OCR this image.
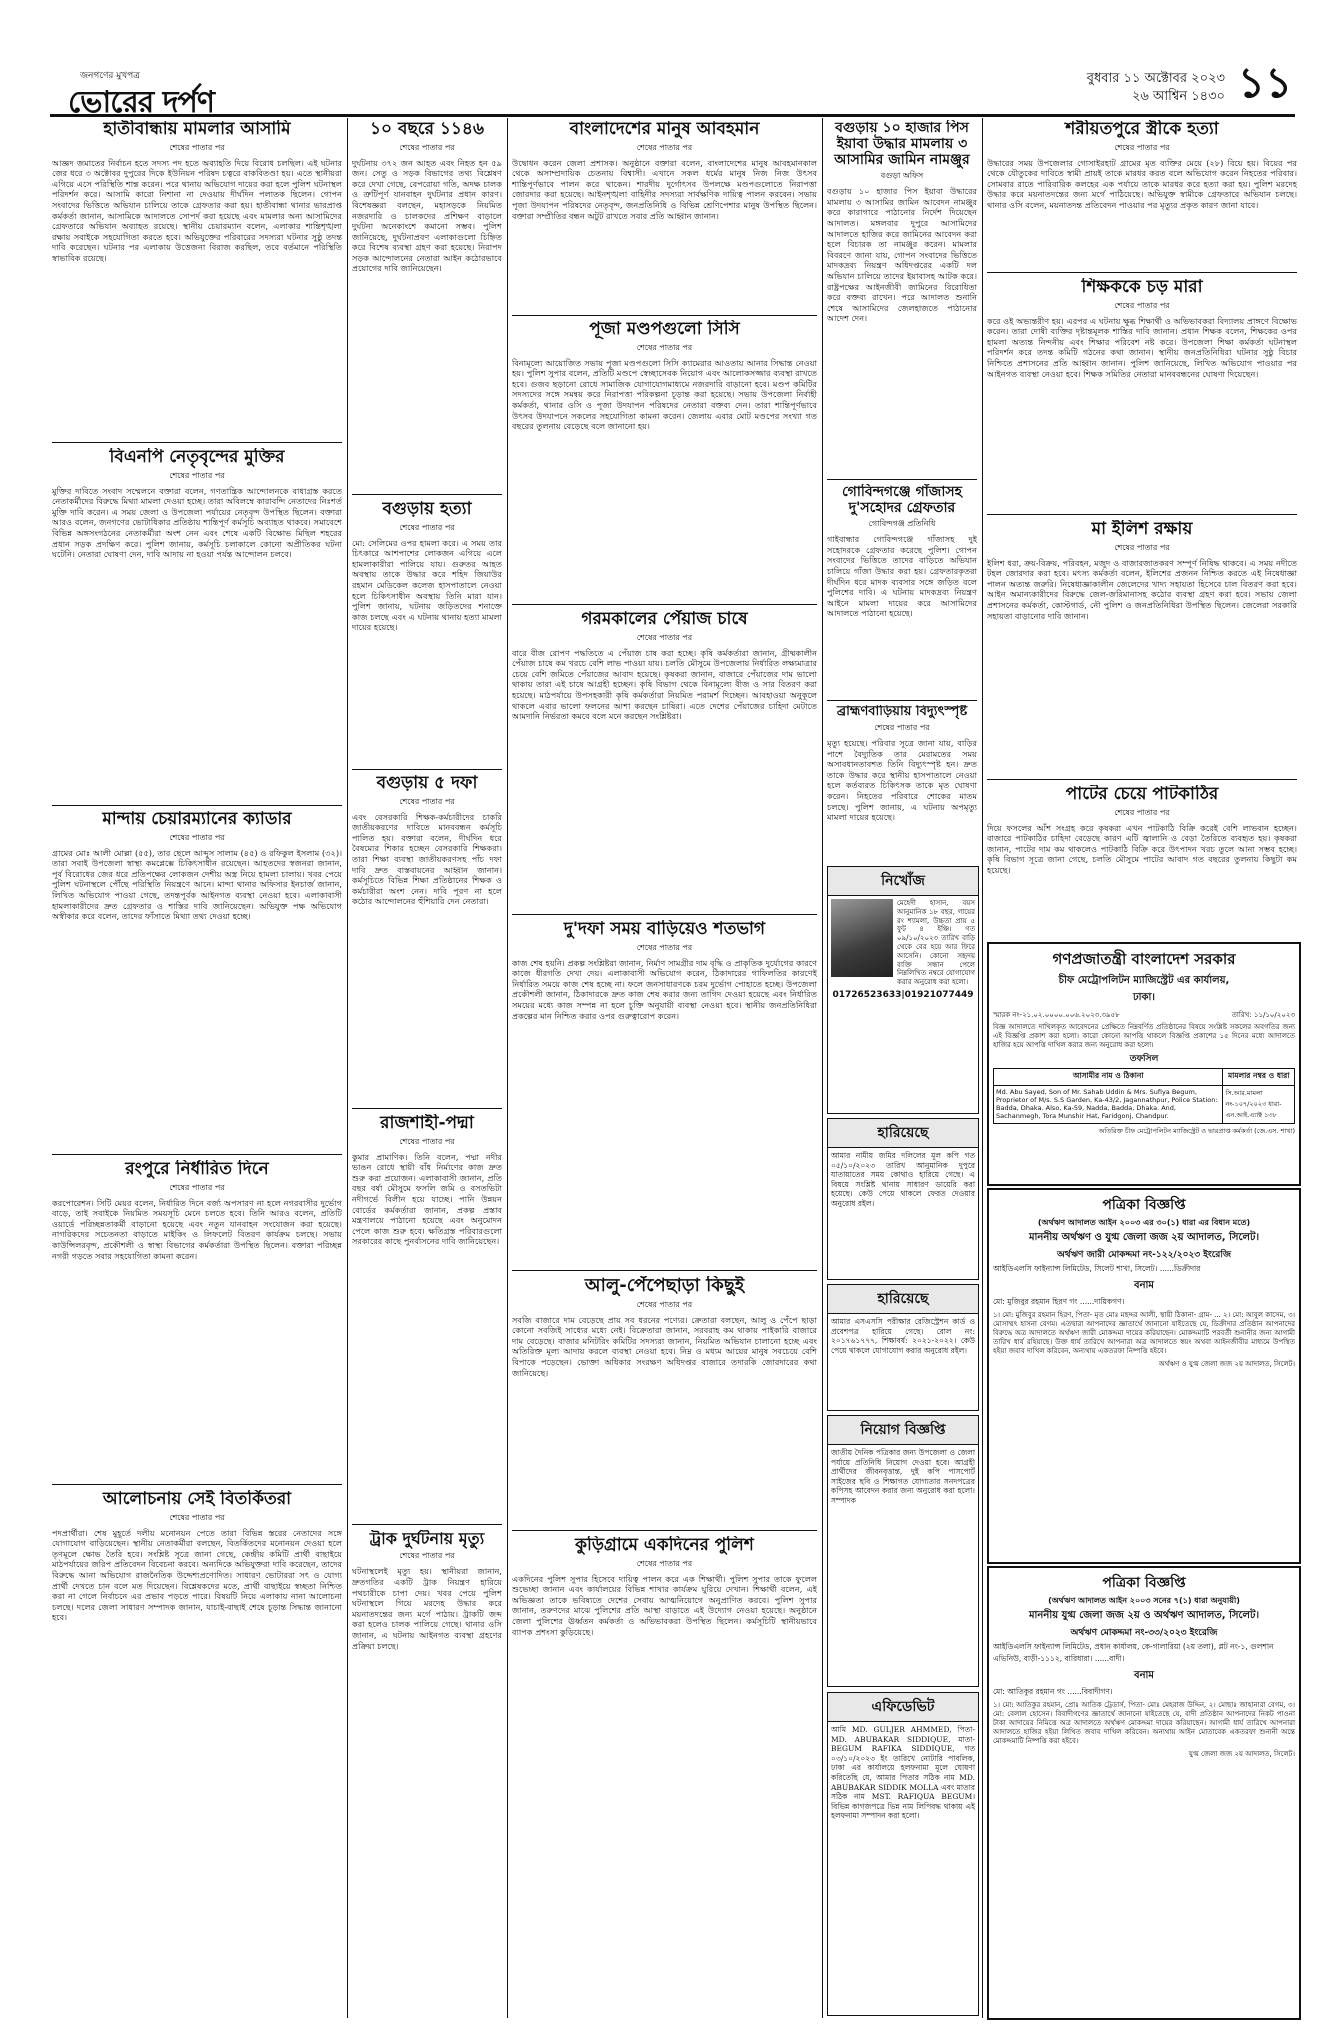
জনগণের মুখপত্র
ভোরের দর্পণ
বুধবার ১১ অক্টোবর ২০২৩
২৬ আশ্বিন ১৪৩০ ১১
হাতীবান্ধায় মামলার আসামি
শেষের পাতার পর

আজ্ঞদ জমাতের নির্বাচন হতে সদস্য পদ হতে অব্যাহতি দিয়ে বিরোধ চলছিল। এই ঘটনার জের ধরে ৩ অক্টোবর দুপুরের দিকে ইউনিয়ন পরিষদ চত্বরে বাকবিতণ্ডা হয়। এতে স্থানীয়রা এগিয়ে এসে পরিস্থিতি শান্ত করেন। পরে থানায় অভিযোগ দায়ের করা হলে পুলিশ ঘটনাস্থল পরিদর্শন করে। আসামি কারো নিশানা না দেওয়ায় দীর্ঘদিন পলাতক ছিলেন। গোপন সংবাদের ভিত্তিতে অভিযান চালিয়ে তাকে গ্রেফতার করা হয়। হাতীবান্ধা থানার ভারপ্রাপ্ত কর্মকর্তা জানান, আসামিকে আদালতে সোপর্দ করা হয়েছে এবং মামলার অন্য আসামিদের গ্রেফতারে অভিযান অব্যাহত রয়েছে। স্থানীয় চেয়ারম্যান বলেন, এলাকার শান্তিশৃঙ্খলা রক্ষায় সবাইকে সহযোগিতা করতে হবে। অভিযুক্তের পরিবারের সদস্যরা ঘটনার সুষ্ঠু তদন্ত দাবি করেছেন। ঘটনার পর এলাকায় উত্তেজনা বিরাজ করছিল, তবে বর্তমানে পরিস্থিতি স্বাভাবিক রয়েছে।

বিএনপি নেতৃবৃন্দের মুক্তির
শেষের পাতার পর

মুক্তির দাবিতে সংবাদ সম্মেলনে বক্তারা বলেন, গণতান্ত্রিক আন্দোলনকে বাধাগ্রস্ত করতে নেতাকর্মীদের বিরুদ্ধে মিথ্যা মামলা দেওয়া হচ্ছে। তারা অবিলম্বে কারাবন্দি নেতাদের নিঃশর্ত মুক্তি দাবি করেন। এ সময় জেলা ও উপজেলা পর্যায়ের নেতৃবৃন্দ উপস্থিত ছিলেন। বক্তারা আরও বলেন, জনগণের ভোটাধিকার প্রতিষ্ঠায় শান্তিপূর্ণ কর্মসূচি অব্যাহত থাকবে। সমাবেশে বিভিন্ন অঙ্গসংগঠনের নেতাকর্মীরা অংশ নেন এবং শেষে একটি বিক্ষোভ মিছিল শহরের প্রধান সড়ক প্রদক্ষিণ করে। পুলিশ জানায়, কর্মসূচি চলাকালে কোনো অপ্রীতিকর ঘটনা ঘটেনি। নেতারা ঘোষণা দেন, দাবি আদায় না হওয়া পর্যন্ত আন্দোলন চলবে।

মান্দায় চেয়ারম্যানের ক্যাডার
শেষের পাতার পর

গ্রামের মোঃ আলী মোল্লা (৫৫), তার ছেলে আব্দুস সালাম (৪৫) ও রফিকুল ইসলাম (৩২)। তারা সবাই উপজেলা স্বাস্থ্য কমপ্লেক্সে চিকিৎসাধীন রয়েছেন। আহতদের স্বজনরা জানান, পূর্ব বিরোধের জের ধরে প্রতিপক্ষের লোকজন দেশীয় অস্ত্র নিয়ে হামলা চালায়। খবর পেয়ে পুলিশ ঘটনাস্থলে পৌঁছে পরিস্থিতি নিয়ন্ত্রণে আনে। মান্দা থানার অফিসার ইনচার্জ জানান, লিখিত অভিযোগ পাওয়া গেছে, তদন্তপূর্বক আইনগত ব্যবস্থা নেওয়া হবে। এলাকাবাসী হামলাকারীদের দ্রুত গ্রেফতার ও শাস্তির দাবি জানিয়েছেন। অভিযুক্ত পক্ষ অভিযোগ অস্বীকার করে বলেন, তাদের ফাঁসাতে মিথ্যা তথ্য দেওয়া হচ্ছে।

রংপুরে নির্ধারিত দিনে
শেষের পাতার পর

করপোরেশন। সিটি মেয়র বলেন, নির্ধারিত দিনে বর্জ্য অপসারণ না হলে নগরবাসীর দুর্ভোগ বাড়ে, তাই সবাইকে নিয়মিত সময়সূচি মেনে চলতে হবে। তিনি আরও বলেন, প্রতিটি ওয়ার্ডে পরিচ্ছন্নতাকর্মী বাড়ানো হয়েছে এবং নতুন যানবাহন সংযোজন করা হয়েছে। নাগরিকদের সচেতনতা বাড়াতে মাইকিং ও লিফলেট বিতরণ কার্যক্রম চলছে। সভায় কাউন্সিলরবৃন্দ, প্রকৌশলী ও স্বাস্থ্য বিভাগের কর্মকর্তারা উপস্থিত ছিলেন। বক্তারা পরিচ্ছন্ন নগরী গড়তে সবার সহযোগিতা কামনা করেন।

আলোচনায় সেই বিতর্কিতরা
শেষের পাতার পর

পদপ্রার্থীরা। শেষ মুহূর্তে দলীয় মনোনয়ন পেতে তারা বিভিন্ন স্তরের নেতাদের সঙ্গে যোগাযোগ বাড়িয়েছেন। স্থানীয় নেতাকর্মীরা বলছেন, বিতর্কিতদের মনোনয়ন দেওয়া হলে তৃণমূলে ক্ষোভ তৈরি হবে। সংশ্লিষ্ট সূত্রে জানা গেছে, কেন্দ্রীয় কমিটি প্রার্থী বাছাইয়ে মাঠপর্যায়ের জরিপ প্রতিবেদন বিবেচনা করবে। অন্যদিকে অভিযুক্তরা দাবি করেছেন, তাদের বিরুদ্ধে আনা অভিযোগ রাজনৈতিক উদ্দেশ্যপ্রণোদিত। সাধারণ ভোটাররা সৎ ও যোগ্য প্রার্থী দেখতে চান বলে মত দিয়েছেন। বিশ্লেষকদের মতে, প্রার্থী বাছাইয়ে স্বচ্ছতা নিশ্চিত করা না গেলে নির্বাচনে এর প্রভাব পড়তে পারে। বিষয়টি নিয়ে এলাকায় নানা আলোচনা চলছে। দলের জেলা সাধারণ সম্পাদক জানান, যাচাই-বাছাই শেষে চূড়ান্ত সিদ্ধান্ত জানানো হবে।

১০ বছরে ১১৪৬
শেষের পাতার পর

দুর্ঘটনায় ৩৭২ জন আহত এবং নিহত হন ৫৯ জন। সেতু ও সড়ক বিভাগের তথ্য বিশ্লেষণ করে দেখা গেছে, বেপরোয়া গতি, অদক্ষ চালক ও ত্রুটিপূর্ণ যানবাহন দুর্ঘটনার প্রধান কারণ। বিশেষজ্ঞরা বলছেন, মহাসড়কে নিয়মিত নজরদারি ও চালকদের প্রশিক্ষণ বাড়ালে দুর্ঘটনা অনেকাংশে কমানো সম্ভব। পুলিশ জানিয়েছে, দুর্ঘটনাপ্রবণ এলাকাগুলো চিহ্নিত করে বিশেষ ব্যবস্থা গ্রহণ করা হয়েছে। নিরাপদ সড়ক আন্দোলনের নেতারা আইন কঠোরভাবে প্রয়োগের দাবি জানিয়েছেন।

বগুড়ায় হত্যা
শেষের পাতার পর

মো: সেলিমের ওপর হামলা করে। এ সময় তার চিৎকারে আশপাশের লোকজন এগিয়ে এলে হামলাকারীরা পালিয়ে যায়। গুরুতর আহত অবস্থায় তাকে উদ্ধার করে শহিদ জিয়াউর রহমান মেডিকেল কলেজ হাসপাতালে নেওয়া হলে চিকিৎসাধীন অবস্থায় তিনি মারা যান। পুলিশ জানায়, ঘটনায় জড়িতদের শনাক্তে কাজ চলছে এবং এ ঘটনায় থানায় হত্যা মামলা দায়ের হয়েছে।

বগুড়ায় ৫ দফা
শেষের পাতার পর

এবং বেসরকারি শিক্ষক-কর্মচারীদের চাকরি জাতীয়করণের দাবিতে মানববন্ধন কর্মসূচি পালিত হয়। বক্তারা বলেন, দীর্ঘদিন ধরে বৈষম্যের শিকার হচ্ছেন বেসরকারি শিক্ষকরা। তারা শিক্ষা ব্যবস্থা জাতীয়করণসহ পাঁচ দফা দাবি দ্রুত বাস্তবায়নের আহ্বান জানান। কর্মসূচিতে বিভিন্ন শিক্ষা প্রতিষ্ঠানের শিক্ষক ও কর্মচারীরা অংশ নেন। দাবি পূরণ না হলে কঠোর আন্দোলনের হুঁশিয়ারি দেন নেতারা।

রাজশাহী-পদ্মা
শেষের পাতার পর

কুমার প্রামাণিক। তিনি বলেন, পদ্মা নদীর ভাঙন রোধে স্থায়ী বাঁধ নির্মাণের কাজ দ্রুত শুরু করা প্রয়োজন। এলাকাবাসী জানান, প্রতি বছর বর্ষা মৌসুমে ফসলি জমি ও বসতভিটা নদীগর্ভে বিলীন হয়ে যাচ্ছে। পানি উন্নয়ন বোর্ডের কর্মকর্তারা জানান, প্রকল্প প্রস্তাব মন্ত্রণালয়ে পাঠানো হয়েছে এবং অনুমোদন পেলে কাজ শুরু হবে। ক্ষতিগ্রস্ত পরিবারগুলো সরকারের কাছে পুনর্বাসনের দাবি জানিয়েছেন।

ট্রাক দুর্ঘটনায় মৃত্যু
শেষের পাতার পর

ঘটনাস্থলেই মৃত্যু হয়। স্থানীয়রা জানান, দ্রুতগতির একটি ট্রাক নিয়ন্ত্রণ হারিয়ে পথচারীকে চাপা দেয়। খবর পেয়ে পুলিশ ঘটনাস্থলে গিয়ে মরদেহ উদ্ধার করে ময়নাতদন্তের জন্য মর্গে পাঠায়। ট্রাকটি জব্দ করা হলেও চালক পালিয়ে গেছে। থানার ওসি জানান, এ ঘটনায় আইনগত ব্যবস্থা গ্রহণের প্রক্রিয়া চলছে।

বাংলাদেশের মানুষ আবহমান
শেষের পাতার পর

উদ্বোধন করেন জেলা প্রশাসক। অনুষ্ঠানে বক্তারা বলেন, বাংলাদেশের মানুষ আবহমানকাল থেকে অসাম্প্রদায়িক চেতনায় বিশ্বাসী। এখানে সকল ধর্মের মানুষ নিজ নিজ উৎসব শান্তিপূর্ণভাবে পালন করে থাকেন। শারদীয় দুর্গোৎসব উপলক্ষে মণ্ডপগুলোতে নিরাপত্তা জোরদার করা হয়েছে। আইনশৃঙ্খলা বাহিনীর সদস্যরা সার্বক্ষণিক দায়িত্ব পালন করবেন। সভায় পূজা উদযাপন পরিষদের নেতৃবৃন্দ, জনপ্রতিনিধি ও বিভিন্ন শ্রেণিপেশার মানুষ উপস্থিত ছিলেন। বক্তারা সম্প্রীতির বন্ধন অটুট রাখতে সবার প্রতি আহ্বান জানান।

পূজা মণ্ডপগুলো সিসি
শেষের পাতার পর

বিনামূল্যে আয়োজিত সভায় পূজা মণ্ডপগুলো সিসি ক্যামেরার আওতায় আনার সিদ্ধান্ত নেওয়া হয়। পুলিশ সুপার বলেন, প্রতিটি মণ্ডপে স্বেচ্ছাসেবক নিয়োগ এবং আলোকসজ্জার ব্যবস্থা রাখতে হবে। গুজব ছড়ানো রোধে সামাজিক যোগাযোগমাধ্যমে নজরদারি বাড়ানো হবে। মণ্ডপ কমিটির সদস্যদের সঙ্গে সমন্বয় করে নিরাপত্তা পরিকল্পনা চূড়ান্ত করা হয়েছে। সভায় উপজেলা নির্বাহী কর্মকর্তা, থানার ওসি ও পূজা উদযাপন পরিষদের নেতারা বক্তব্য দেন। তারা শান্তিপূর্ণভাবে উৎসব উদযাপনে সকলের সহযোগিতা কামনা করেন। জেলায় এবার মোট মণ্ডপের সংখ্যা গত বছরের তুলনায় বেড়েছে বলে জানানো হয়।

গরমকালের পেঁয়াজ চাষে
শেষের পাতার পর

বারে বীজ রোপণ পদ্ধতিতে এ পেঁয়াজ চাষ করা হচ্ছে। কৃষি কর্মকর্তারা জানান, গ্রীষ্মকালীন পেঁয়াজ চাষে কম খরচে বেশি লাভ পাওয়া যায়। চলতি মৌসুমে উপজেলায় নির্ধারিত লক্ষ্যমাত্রার চেয়ে বেশি জমিতে পেঁয়াজের আবাদ হয়েছে। কৃষকরা জানান, বাজারে পেঁয়াজের দাম ভালো থাকায় তারা এই চাষে আগ্রহী হচ্ছেন। কৃষি বিভাগ থেকে বিনামূল্যে বীজ ও সার বিতরণ করা হয়েছে। মাঠপর্যায়ে উপসহকারী কৃষি কর্মকর্তারা নিয়মিত পরামর্শ দিচ্ছেন। আবহাওয়া অনুকূলে থাকলে এবার ভালো ফলনের আশা করছেন চাষিরা। এতে দেশের পেঁয়াজের চাহিদা মেটাতে আমদানি নির্ভরতা কমবে বলে মনে করছেন সংশ্লিষ্টরা।

দু'দফা সময় বাড়িয়েও শতভাগ
শেষের পাতার পর

কাজ শেষ হয়নি। প্রকল্প সংশ্লিষ্টরা জানান, নির্মাণ সামগ্রীর দাম বৃদ্ধি ও প্রাকৃতিক দুর্যোগের কারণে কাজে ধীরগতি দেখা দেয়। এলাকাবাসী অভিযোগ করেন, ঠিকাদারের গাফিলতির কারণেই নির্ধারিত সময়ে কাজ শেষ হচ্ছে না। ফলে জনসাধারণকে চরম দুর্ভোগ পোহাতে হচ্ছে। উপজেলা প্রকৌশলী জানান, ঠিকাদারকে দ্রুত কাজ শেষ করার জন্য তাগিদ দেওয়া হয়েছে এবং নির্ধারিত সময়ের মধ্যে কাজ সম্পন্ন না হলে চুক্তি অনুযায়ী ব্যবস্থা নেওয়া হবে। স্থানীয় জনপ্রতিনিধিরা প্রকল্পের মান নিশ্চিত করার ওপর গুরুত্বারোপ করেন।

আলু-পেঁপেছাড়া কিছুই
শেষের পাতার পর

সবজি বাজারে দাম বেড়েছে প্রায় সব ধরনের পণ্যের। ক্রেতারা বলছেন, আলু ও পেঁপে ছাড়া কোনো সবজিই সাধ্যের মধ্যে নেই। বিক্রেতারা জানান, সরবরাহ কম থাকায় পাইকারি বাজারে দাম বেড়েছে। বাজার মনিটরিং কমিটির সদস্যরা জানান, নিয়মিত অভিযান চালানো হচ্ছে এবং অতিরিক্ত মূল্য আদায় করলে ব্যবস্থা নেওয়া হবে। নিম্ন ও মধ্যম আয়ের মানুষ সবচেয়ে বেশি বিপাকে পড়েছেন। ভোক্তা অধিকার সংরক্ষণ অধিদপ্তর বাজারে তদারকি জোরদারের কথা জানিয়েছে।

কুড়িগ্রামে একদিনের পুলিশ
শেষের পাতার পর

একদিনের পুলিশ সুপার হিসেবে দায়িত্ব পালন করে এক শিক্ষার্থী। পুলিশ সুপার তাকে ফুলেল শুভেচ্ছা জানান এবং কার্যালয়ের বিভিন্ন শাখার কার্যক্রম ঘুরিয়ে দেখান। শিক্ষার্থী বলেন, এই অভিজ্ঞতা তাকে ভবিষ্যতে দেশের সেবায় আত্মনিয়োগে অনুপ্রাণিত করবে। পুলিশ সুপার জানান, তরুণদের মাঝে পুলিশের প্রতি আস্থা বাড়াতে এই উদ্যোগ নেওয়া হয়েছে। অনুষ্ঠানে জেলা পুলিশের ঊর্ধ্বতন কর্মকর্তা ও অভিভাবকরা উপস্থিত ছিলেন। কর্মসূচিটি স্থানীয়ভাবে ব্যাপক প্রশংসা কুড়িয়েছে।

বগুড়ায় ১০ হাজার পিস ইয়াবা উদ্ধার মামলায় ৩ আসামির জামিন নামঞ্জুর
বগুড়া অফিস

বগুড়ায় ১০ হাজার পিস ইয়াবা উদ্ধারের মামলায় ৩ আসামির জামিন আবেদন নামঞ্জুর করে কারাগারে পাঠানোর নির্দেশ দিয়েছেন আদালত। মঙ্গলবার দুপুরে আসামিদের আদালতে হাজির করে জামিনের আবেদন করা হলে বিচারক তা নামঞ্জুর করেন। মামলার বিবরণে জানা যায়, গোপন সংবাদের ভিত্তিতে মাদকদ্রব্য নিয়ন্ত্রণ অধিদপ্তরের একটি দল অভিযান চালিয়ে তাদের ইয়াবাসহ আটক করে। রাষ্ট্রপক্ষের আইনজীবী জামিনের বিরোধিতা করে বক্তব্য রাখেন। পরে আদালত শুনানি শেষে আসামিদের জেলহাজতে পাঠানোর আদেশ দেন।

গোবিন্দগঞ্জে গাঁজাসহ দু'সহোদর গ্রেফতার
গোবিন্দগঞ্জ প্রতিনিধি

গাইবান্ধার গোবিন্দগঞ্জে গাঁজাসহ দুই সহোদরকে গ্রেফতার করেছে পুলিশ। গোপন সংবাদের ভিত্তিতে তাদের বাড়িতে অভিযান চালিয়ে গাঁজা উদ্ধার করা হয়। গ্রেফতারকৃতরা দীর্ঘদিন ধরে মাদক ব্যবসার সঙ্গে জড়িত বলে পুলিশের দাবি। এ ঘটনায় মাদকদ্রব্য নিয়ন্ত্রণ আইনে মামলা দায়ের করে আসামিদের আদালতে পাঠানো হয়েছে।

ব্রাহ্মণবাড়িয়ায় বিদ্যুৎস্পৃষ্ট
শেষের পাতার পর

মৃত্যু হয়েছে। পরিবার সূত্রে জানা যায়, বাড়ির পাশে বৈদ্যুতিক তার মেরামতের সময় অসাবধানতাবশত তিনি বিদ্যুৎস্পৃষ্ট হন। দ্রুত তাকে উদ্ধার করে স্থানীয় হাসপাতালে নেওয়া হলে কর্তব্যরত চিকিৎসক তাকে মৃত ঘোষণা করেন। নিহতের পরিবারে শোকের মাতম চলছে। পুলিশ জানায়, এ ঘটনায় অপমৃত্যু মামলা দায়ের হয়েছে।

নিখোঁজ

মেহেদী হাসান, বয়স আনুমানিক ১৮ বছর, গায়ের রং শ্যামলা, উচ্চতা প্রায় ৫ ফুট ৪ ইঞ্চি। গত ০৯/১০/২০২৩ তারিখ বাড়ি থেকে বের হয়ে আর ফিরে আসেনি। কোনো সহৃদয় ব্যক্তি সন্ধান পেলে নিম্নলিখিত নম্বরে যোগাযোগ করার অনুরোধ করা হলো।

01726523633|01921077449
হারিয়েছে

আমার নামীয় জমির দলিলের মূল কপি গত ০৫/১০/২০২৩ তারিখ আনুমানিক দুপুরে যাতায়াতের সময় কোথাও হারিয়ে গেছে। এ বিষয়ে সংশ্লিষ্ট থানায় সাধারণ ডায়েরি করা হয়েছে। কেউ পেয়ে থাকলে ফেরত দেওয়ার অনুরোধ রইল।

হারিয়েছে

আমার এসএসসি পরীক্ষার রেজিস্ট্রেশন কার্ড ও প্রবেশপত্র হারিয়ে গেছে। রোল নং: ২০১৭৬১৭৭৭, শিক্ষাবর্ষ: ২০২১-২০২২। কেউ পেয়ে থাকলে যোগাযোগ করার অনুরোধ রইল।

নিয়োগ বিজ্ঞপ্তি

জাতীয় দৈনিক পত্রিকার জন্য উপজেলা ও জেলা পর্যায়ে প্রতিনিধি নিয়োগ দেওয়া হবে। আগ্রহী প্রার্থীদের জীবনবৃত্তান্ত, দুই কপি পাসপোর্ট সাইজের ছবি ও শিক্ষাগত যোগ্যতার সনদপত্রের কপিসহ আবেদন করার জন্য অনুরোধ করা হলো। সম্পাদক

এফিডেভিট

আমি MD. GULJER AHMMED, পিতা- MD. ABUBAKAR SIDDIQUE, মাতা- BEGUM RAFIKA SIDDIQUE, গত ০৩/১০/২০২৩ ইং তারিখে নোটারি পাবলিক, ঢাকা এর কার্যালয়ে হলফনামা মূলে ঘোষণা করিতেছি যে, আমার পিতার সঠিক নাম MD. ABUBAKAR SIDDIK MOLLA এবং মাতার সঠিক নাম MST. RAFIQUA BEGUM। বিভিন্ন কাগজপত্রে ভিন্ন নাম লিপিবদ্ধ থাকায় এই হলফনামা সম্পাদন করা হলো।

শরীয়তপুরে স্ত্রীকে হত্যা
শেষের পাতার পর

উদ্ধারের সময় উপজেলার গোসাইরহাট গ্রামের মৃত ব্যক্তির মেয়ে (২৮) বিয়ে হয়। বিয়ের পর থেকে যৌতুকের দাবিতে স্বামী প্রায়ই তাকে মারধর করত বলে অভিযোগ করেন নিহতের পরিবার। সোমবার রাতে পারিবারিক কলহের এক পর্যায়ে তাকে মারধর করে হত্যা করা হয়। পুলিশ মরদেহ উদ্ধার করে ময়নাতদন্তের জন্য মর্গে পাঠিয়েছে। অভিযুক্ত স্বামীকে গ্রেফতারে অভিযান চলছে। থানার ওসি বলেন, ময়নাতদন্ত প্রতিবেদন পাওয়ার পর মৃত্যুর প্রকৃত কারণ জানা যাবে।

শিক্ষককে চড় মারা
শেষের পাতার পর

করে ওই অভ্যন্তরীণ হয়। এরপর এ ঘটনায় ক্ষুব্ধ শিক্ষার্থী ও অভিভাবকরা বিদ্যালয় প্রাঙ্গণে বিক্ষোভ করেন। তারা দোষী ব্যক্তির দৃষ্টান্তমূলক শাস্তির দাবি জানান। প্রধান শিক্ষক বলেন, শিক্ষকের ওপর হামলা অত্যন্ত নিন্দনীয় এবং শিক্ষার পরিবেশ নষ্ট করে। উপজেলা শিক্ষা কর্মকর্তা ঘটনাস্থল পরিদর্শন করে তদন্ত কমিটি গঠনের কথা জানান। স্থানীয় জনপ্রতিনিধিরা ঘটনার সুষ্ঠু বিচার নিশ্চিতে প্রশাসনের প্রতি আহ্বান জানান। পুলিশ জানিয়েছে, লিখিত অভিযোগ পাওয়ার পর আইনগত ব্যবস্থা নেওয়া হবে। শিক্ষক সমিতির নেতারা মানববন্ধনের ঘোষণা দিয়েছেন।

মা ইলিশ রক্ষায়
শেষের পাতার পর

ইলিশ ধরা, ক্রয়-বিক্রয়, পরিবহন, মজুদ ও বাজারজাতকরণ সম্পূর্ণ নিষিদ্ধ থাকবে। এ সময় নদীতে টহল জোরদার করা হবে। মৎস্য কর্মকর্তা বলেন, ইলিশের প্রজনন নিশ্চিত করতে এই নিষেধাজ্ঞা পালন অত্যন্ত জরুরি। নিষেধাজ্ঞাকালীন জেলেদের খাদ্য সহায়তা হিসেবে চাল বিতরণ করা হবে। আইন অমান্যকারীদের বিরুদ্ধে জেল-জরিমানাসহ কঠোর ব্যবস্থা গ্রহণ করা হবে। সভায় জেলা প্রশাসনের কর্মকর্তা, কোস্টগার্ড, নৌ পুলিশ ও জনপ্রতিনিধিরা উপস্থিত ছিলেন। জেলেরা সরকারি সহায়তা বাড়ানোর দাবি জানান।

পাটের চেয়ে পাটকাঠির
শেষের পাতার পর

দিয়ে ফসলের আঁশ সংগ্রহ করে কৃষকরা এখন পাটকাঠি বিক্রি করেই বেশি লাভবান হচ্ছেন। বাজারে পাটকাঠির চাহিদা বেড়েছে কারণ এটি জ্বালানি ও বেড়া তৈরিতে ব্যবহৃত হয়। কৃষকরা জানান, পাটের দাম কম থাকলেও পাটকাঠি বিক্রি করে উৎপাদন খরচ তুলে আনা সম্ভব হচ্ছে। কৃষি বিভাগ সূত্রে জানা গেছে, চলতি মৌসুমে পাটের আবাদ গত বছরের তুলনায় কিছুটা কম হয়েছে।

গণপ্রজাতন্ত্রী বাংলাদেশ সরকার
চীফ মেট্রোপলিটন ম্যাজিস্ট্রেট এর কার্যালয়,
ঢাকা।
স্মারক নং-২১.০২.০০০০.০০৬.২০২৩.৩৯৫৮	তারিখ: ১১/১০/২০২৩

বিজ্ঞ আদালতে দাখিলকৃত আবেদনের প্রেক্ষিতে নিম্নবর্ণিত প্রতিষ্ঠানের বিষয়ে সংশ্লিষ্ট সকলের অবগতির জন্য এই বিজ্ঞপ্তি প্রকাশ করা হলো। কারো কোনো আপত্তি থাকলে বিজ্ঞপ্তি প্রকাশের ১৫ দিনের মধ্যে আদালতে হাজির হয়ে আপত্তি দাখিল করার জন্য অনুরোধ করা হলো।

তফসিল
আসামীর নাম ও ঠিকানা	মামলার নম্বর ও ধারা
Md. Abu Sayed, Son of Mr. Sahab Uddin & Mrs. Sufiya Begum, Proprietor of M/s. S.S Garden, Ka-43/2, Jagannathpur, Police Station: Badda, Dhaka. Also, Ka-59, Nadda, Badda, Dhaka. And, Sachanmegh, Tora Munshir Hat, Faridgonj, Chandpur.	সি.আর.মামলা নং-১০৭/২০২৩ ধারা-এন.আই.এ্যাক্ট ১৩৮
অতিরিক্ত চীফ মেট্রোপলিটন ম্যাজিস্ট্রেট ও ভারপ্রাপ্ত কর্মকর্তা (জে.এস. শাখা)
পত্রিকা বিজ্ঞপ্তি
(অর্থঋণ আদালত আইন ২০০৩ এর ৩০(১) ধারা এর বিধান মতে)
মাননীয় অর্থঋণ ও যুগ্ম জেলা জজ ২য় আদালত, সিলেট।
অর্থঋণ জারী মোকদ্দমা নং-১২২/২০২৩ ইংরেজি
আইডিএলসি ফাইন্যান্স লিমিটেড, সিলেট শাখা, সিলেট। ......ডিক্রীদার
বনাম
মো: মুজিবুর রহমান হিরণ গং ......দায়িকগণ।

১। মো: মুজিবুর রহমান হিরণ, পিতা- মৃত মোঃ মছদ্দর আলী, স্থায়ী ঠিকানা- গ্রাম- ... ২। মো: আবুল কাসেম, ৩। মোসাম্মৎ হাসনা বেগম। এতদ্বারা আপনাদের জ্ঞাতার্থে জানানো যাইতেছে যে, ডিক্রীদার প্রতিষ্ঠান আপনাদের বিরুদ্ধে অত্র আদালতে অর্থঋণ জারী মোকদ্দমা দায়ের করিয়াছেন। মোকদ্দমাটি পরবর্তী শুনানীর জন্য আগামী তারিখ ধার্য রহিয়াছে। উক্ত ধার্য তারিখে আপনারা অত্র আদালতে স্বয়ং অথবা আইনজীবীর মাধ্যমে উপস্থিত হইয়া জবাব দাখিল করিবেন, অন্যথায় একতরফা নিষ্পত্তি হইবে।

অর্থঋণ ও যুগ্ম জেলা জজ ২য় আদালত, সিলেট।
পত্রিকা বিজ্ঞপ্তি
(অর্থঋণ আদালত আইন ২০০৩ সনের ৭(১) ধারা অনুযায়ী)
মাননীয় যুগ্ম জেলা জজ ২য় ও অর্থঋণ আদালত, সিলেট।
অর্থঋণ মোকদ্দমা নং-৩৩/২০২৩ ইংরেজি
আইডিএলসি ফাইন্যান্স লিমিটেড, প্রধান কার্যালয়, কে-গালারিয়া (২য় তলা), প্লট নং-১, গুলশান এভিনিউ, বাড়ী-১১১২, বারিধারা। ......বাদী।
বনাম
মো: আতিকুর রহমান গং ......বিবাদীগণ।

১। মো: আতিকুর রহমান, প্রোঃ আতিক ট্রেডার্স, পিতা- মোঃ মেহরাজ উদ্দিন, ২। মোছাঃ জাহানারা বেগম, ৩। মো: বেলাল হোসেন। বিবাদীগণের জ্ঞাতার্থে জানানো যাইতেছে যে, বাদী প্রতিষ্ঠান আপনাদের নিকট পাওনা টাকা আদায়ের নিমিত্তে অত্র আদালতে অর্থঋণ মোকদ্দমা দায়ের করিয়াছেন। আগামী ধার্য তারিখে আপনারা আদালতে হাজির হইয়া লিখিত জবাব দাখিল করিবেন। অন্যথায় আইন মোতাবেক একতরফা শুনানী অন্তে মোকদ্দমাটি নিষ্পত্তি করা হইবে।

যুগ্ম জেলা জজ ২য় আদালত, সিলেট।
